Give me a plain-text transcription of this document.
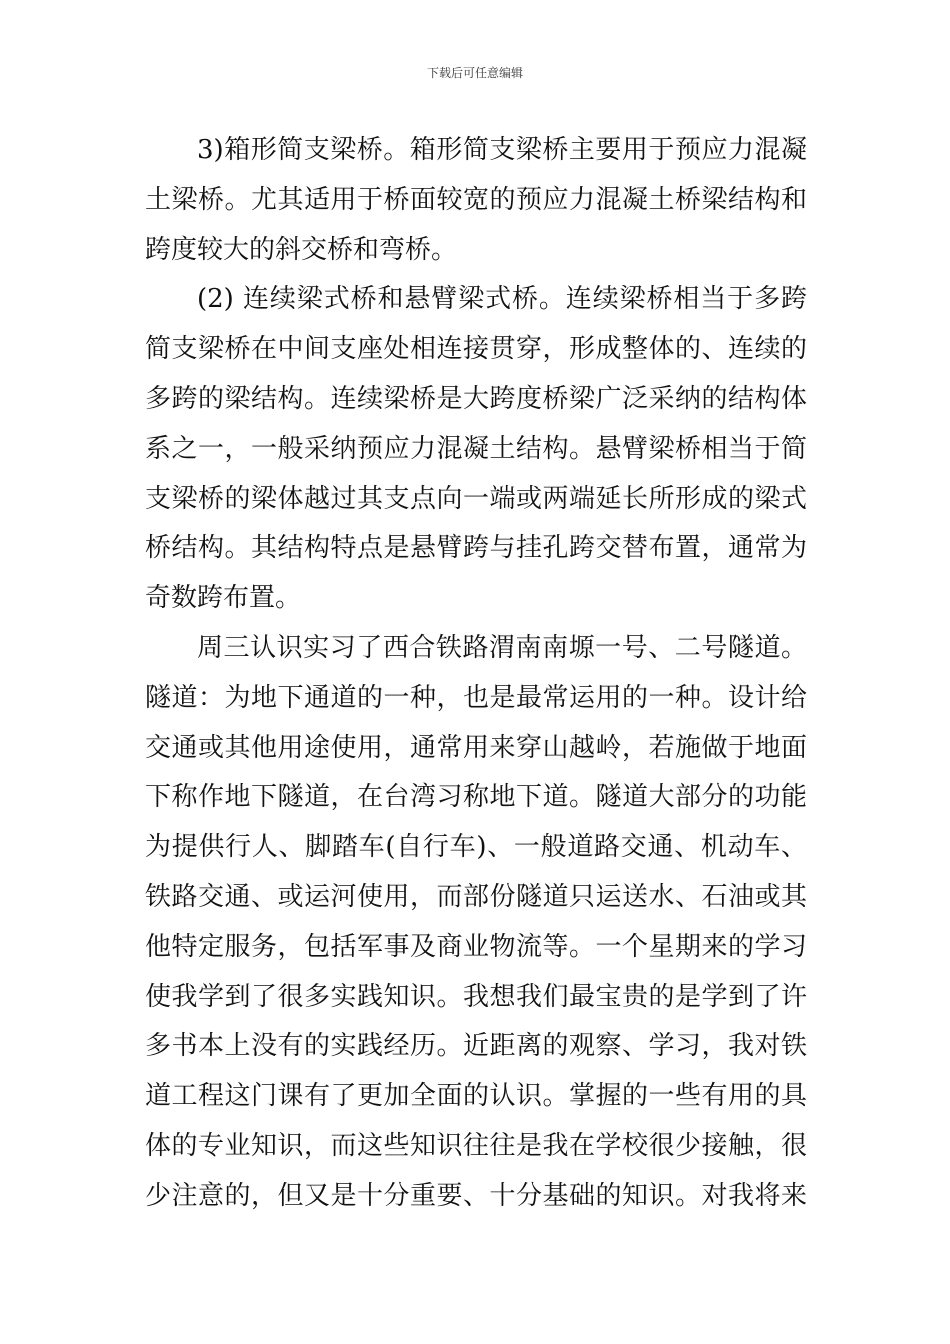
下载后可任意编辑
3)箱形简支梁桥。箱形简支梁桥主要用于预应力混凝
土梁桥。尤其适用于桥面较宽的预应力混凝土桥梁结构和
跨度较大的斜交桥和弯桥。
(2) 连续梁式桥和悬臂梁式桥。连续梁桥相当于多跨
简支梁桥在中间支座处相连接贯穿，形成整体的、连续的
多跨的梁结构。连续梁桥是大跨度桥梁广泛采纳的结构体
系之一，一般采纳预应力混凝土结构。悬臂梁桥相当于简
支梁桥的梁体越过其支点向一端或两端延长所形成的梁式
桥结构。其结构特点是悬臂跨与挂孔跨交替布置，通常为
奇数跨布置。
周三认识实习了西合铁路渭南南塬一号、二号隧道。
隧道：为地下通道的一种，也是最常运用的一种。设计给
交通或其他用途使用，通常用来穿山越岭，若施做于地面
下称作地下隧道，在台湾习称地下道。隧道大部分的功能
为提供行人、脚踏车(自行车)、一般道路交通、机动车、
铁路交通、或运河使用，而部份隧道只运送水、石油或其
他特定服务，包括军事及商业物流等。一个星期来的学习
使我学到了很多实践知识。我想我们最宝贵的是学到了许
多书本上没有的实践经历。近距离的观察、学习，我对铁
道工程这门课有了更加全面的认识。掌握的一些有用的具
体的专业知识，而这些知识往往是我在学校很少接触，很
少注意的，但又是十分重要、十分基础的知识。对我将来
